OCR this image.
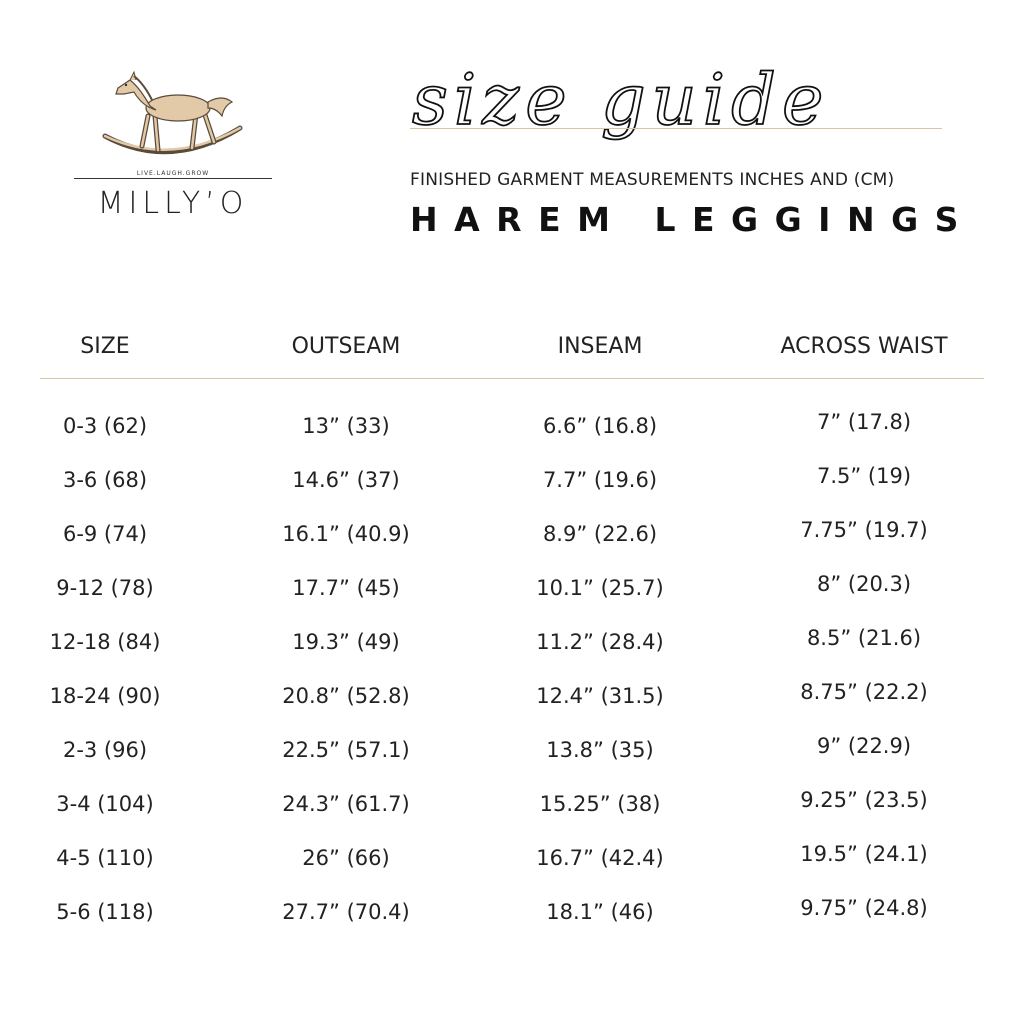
LIVE.LAUGH.GROW
MILLY’O
size guide
FINISHED GARMENT MEASUREMENTS INCHES AND (CM)
HAREM LEGGINGS
SIZE	OUTSEAM	INSEAM	ACROSS WAIST
0-3 (62)	13” (33)	6.6” (16.8)	7” (17.8)
3-6 (68)	14.6” (37)	7.7” (19.6)	7.5” (19)
6-9 (74)	16.1” (40.9)	8.9” (22.6)	7.75” (19.7)
9-12 (78)	17.7” (45)	10.1” (25.7)	8” (20.3)
12-18 (84)	19.3” (49)	11.2” (28.4)	8.5” (21.6)
18-24 (90)	20.8” (52.8)	12.4” (31.5)	8.75” (22.2)
2-3 (96)	22.5” (57.1)	13.8” (35)	9” (22.9)
3-4 (104)	24.3” (61.7)	15.25” (38)	9.25” (23.5)
4-5 (110)	26” (66)	16.7” (42.4)	19.5” (24.1)
5-6 (118)	27.7” (70.4)	18.1” (46)	9.75” (24.8)
